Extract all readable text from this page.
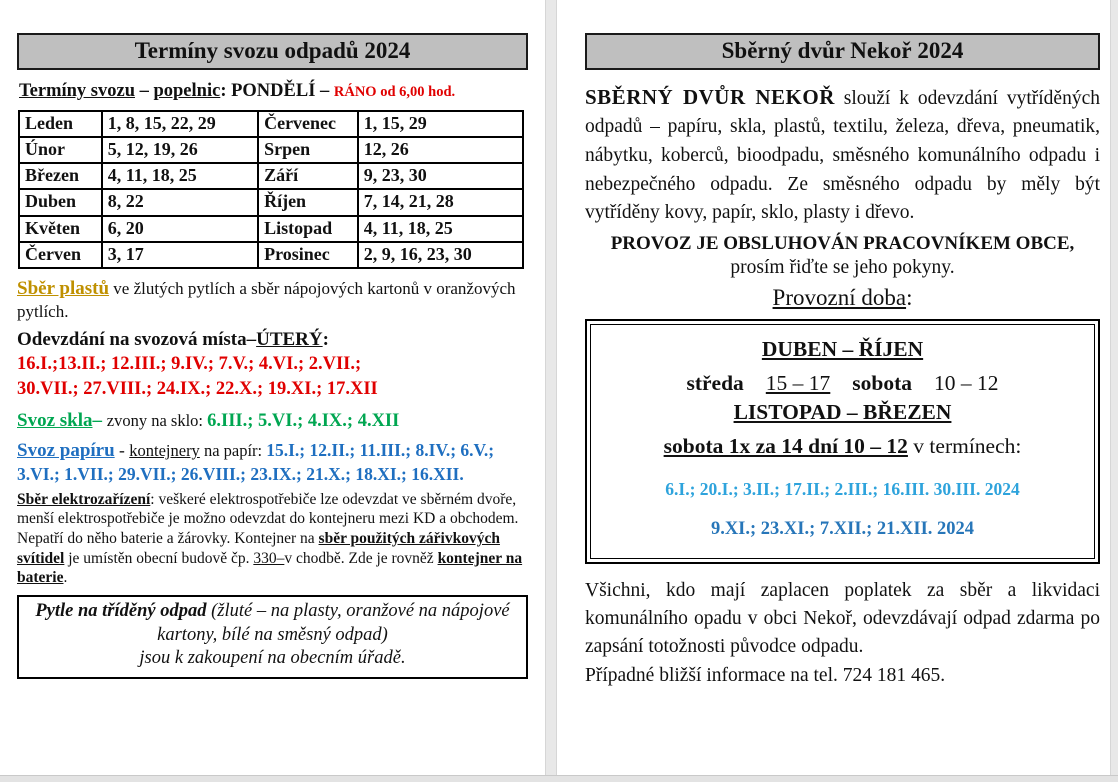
Termíny svozu odpadů 2024
Termíny svozu – popelnic: PONDĚLÍ – RÁNO od 6,00 hod.
Leden	1, 8, 15, 22, 29	Červenec	1, 15, 29
Únor	5, 12, 19, 26	Srpen	12, 26
Březen	4, 11, 18, 25	Září	9, 23, 30
Duben	8, 22	Říjen	7, 14, 21, 28
Květen	6, 20	Listopad	4, 11, 18, 25
Červen	3, 17	Prosinec	2, 9, 16, 23, 30
Sběr plastů ve žlutých pytlích a sběr nápojových kartonů v oranžových pytlích.
Odevzdání na svozová místa–ÚTERÝ:
16.I.;13.II.; 12.III.; 9.IV.; 7.V.; 4.VI.; 2.VII.;
30.VII.; 27.VIII.; 24.IX.; 22.X.; 19.XI.; 17.XII
Svoz skla– zvony na sklo: 6.III.; 5.VI.; 4.IX.; 4.XII
Svoz papíru - kontejnery na papír: 15.I.; 12.II.; 11.III.; 8.IV.; 6.V.; 3.VI.; 1.VII.; 29.VII.; 26.VIII.; 23.IX.; 21.X.; 18.XI.; 16.XII.
Sběr elektrozařízení: veškeré elektrospotřebiče lze odevzdat ve sběrném dvoře, menší elektrospotřebiče je možno odevzdat do kontejneru mezi KD a obchodem. Nepatří do něho baterie a žárovky. Kontejner na sběr použitých zářivkových svítidel je umístěn obecní budově čp. 330–v chodbě. Zde je rovněž kontejner na baterie.
Pytle na tříděný odpad (žluté – na plasty, oranžové na nápojové kartony, bílé na směsný odpad)
jsou k zakoupení na obecním úřadě.
Sběrný dvůr Nekoř 2024
SBĚRNÝ DVŮR NEKOŘ slouží k odevzdání vytříděných odpadů – papíru, skla, plastů, textilu, železa, dřeva, pneumatik, nábytku, koberců, bioodpadu, směsného komunálního odpadu i nebezpečného odpadu. Ze směsného odpadu by měly být vytříděny kovy, papír, sklo, plasty i dřevo.
PROVOZ JE OBSLUHOVÁN PRACOVNÍKEM OBCE,
prosím řiďte se jeho pokyny.
Provozní doba:
DUBEN – ŘÍJEN
středa 15 – 17 sobota 10 – 12
LISTOPAD – BŘEZEN
sobota 1x za 14 dní 10 – 12 v termínech:
6.I.; 20.I.; 3.II.; 17.II.; 2.III.; 16.III. 30.III. 2024
9.XI.; 23.XI.; 7.XII.; 21.XII. 2024
Všichni, kdo mají zaplacen poplatek za sběr a likvidaci komunálního opadu v obci Nekoř, odevzdávají odpad zdarma po zapsání totožnosti původce odpadu.
Případné bližší informace na tel. 724 181 465.
